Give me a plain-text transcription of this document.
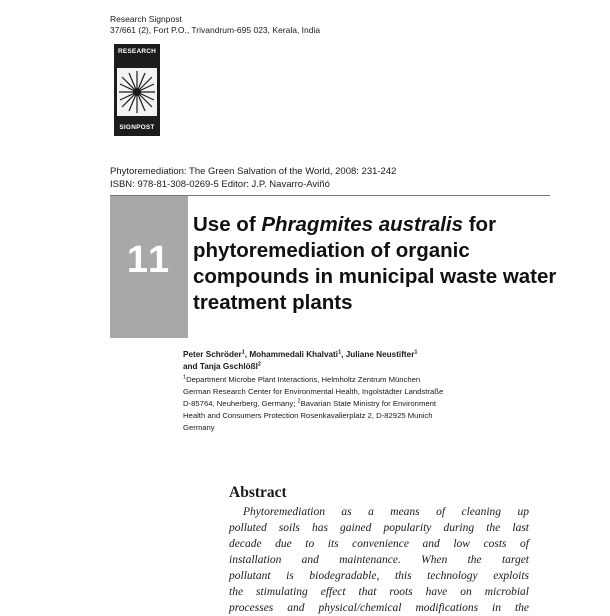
Research Signpost
37/661 (2), Fort P.O., Trivandrum-695 023, Kerala, India
RESEARCH
SIGNPOST
Phytoremediation: The Green Salvation of the World, 2008: 231-242
ISBN: 978-81-308-0269-5 Editor: J.P. Navarro-Aviñó
11
Use of Phragmites australis for phytoremediation of organic compounds in municipal waste water treatment plants
Peter Schröder$^1$, Mohammedali Khalvati$^1$, Juliane Neustifter$^1$
and Tanja Gschlößl$^2$
$^1$Department Microbe Plant Interactions, Helmholtz Zentrum München
German Research Center for Environmental Health, Ingolstädter Landstraße
D-85764, Neuherberg, Germany; $^2$Bavarian State Ministry for Environment
Health and Consumers Protection Rosenkavalierplatz 2, D-82925 Munich
Germany
Abstract
Phytoremediation as a means of cleaning up
polluted soils has gained popularity during the last
decade due to its convenience and low costs of
installation and maintenance. When the target
pollutant is biodegradable, this technology exploits
the stimulating effect that roots have on microbial
processes and physical/chemical modifications in the
